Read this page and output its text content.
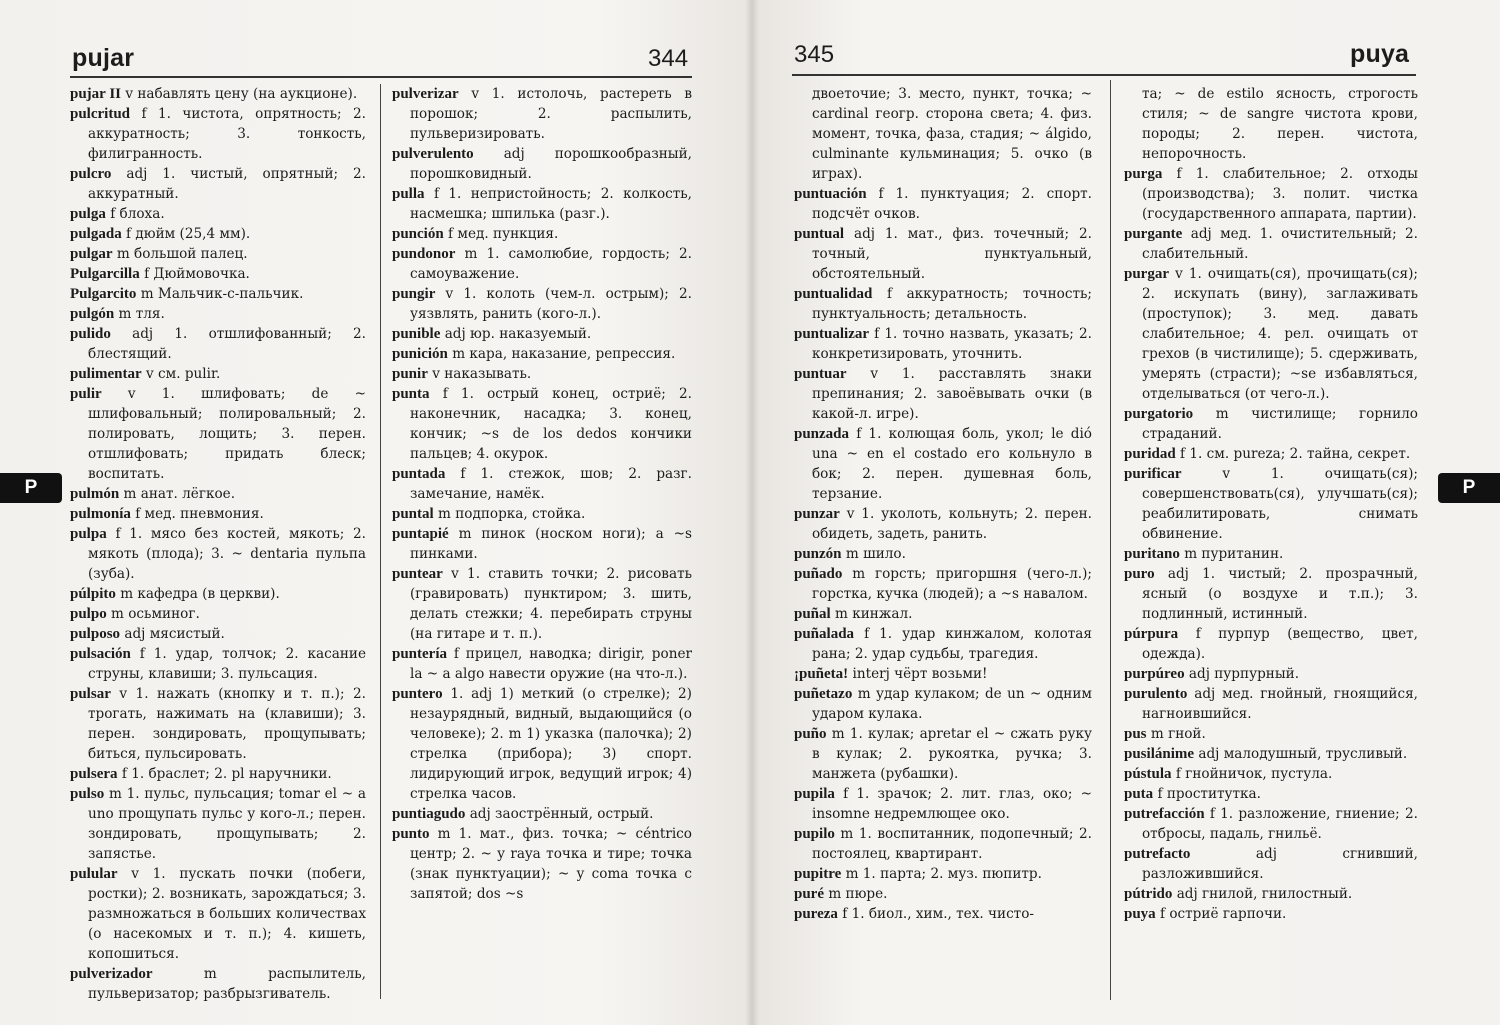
pujar	344
pujar II v набавлять цену (на аукционе).
pulcritud f 1. чистота, опрятность; 2. аккуратность; 3. тонкость, филигранность.
pulcro adj 1. чистый, опрятный; 2. аккуратный.
pulga f блоха.
pulgada f дюйм (25,4 мм).
pulgar m большой палец.
Pulgarcilla f Дюймовочка.
Pulgarcito m Мальчик-с-пальчик.
pulgón m тля.
pulido adj 1. отшлифованный; 2. блестящий.
pulimentar v см. pulir.
pulir v 1. шлифовать; de ~ шлифовальный; полировальный; 2. полировать, лощить; 3. перен. отшлифовать; придать блеск; воспитать.
pulmón m анат. лёгкое.
pulmonía f мед. пневмония.
pulpa f 1. мясо без костей, мякоть; 2. мякоть (плода); 3. ~ dentaria пульпа (зуба).
púlpito m кафедра (в церкви).
pulpo m осьминог.
pulposo adj мясистый.
pulsación f 1. удар, толчок; 2. касание струны, клавиши; 3. пульсация.
pulsar v 1. нажать (кнопку и т. п.); 2. трогать, нажимать на (клавиши); 3. перен. зондировать, прощупывать; биться, пульсировать.
pulsera f 1. браслет; 2. pl наручники.
pulso m 1. пульс, пульсация; tomar el ~ a uno прощупать пульс у кого-л.; перен. зондировать, прощупывать; 2. запястье.
pulular v 1. пускать почки (побеги, ростки); 2. возникать, зарождаться; 3. размножаться в больших количествах (о насекомых и т. п.); 4. кишеть, копошиться.
pulverizador	m распылитель, пульверизатор; разбрызгиватель.
pulverizar v 1. истолочь, растереть в порошок; 2. распылить, пульверизировать.
pulverulento adj порошкообразный, порошковидный.
pulla f 1. непристойность; 2. колкость, насмешка; шпилька (разг.).
punción f мед. пункция.
pundonor m 1. самолюбие, гордость; 2. самоуважение.
pungir v 1. колоть (чем-л. острым); 2. уязвлять, ранить (кого-л.).
punible adj юр. наказуемый.
punición m кара, наказание, репрессия.
punir v наказывать.
punta f 1. острый конец, остриё; 2. наконечник, насадка; 3. конец, кончик; ~s de los dedos кончики пальцев; 4. окурок.
puntada f 1. стежок, шов; 2. разг. замечание, намёк.
puntal m подпорка, стойка.
puntapié m пинок (носком ноги); a ~s пинками.
puntear v 1. ставить точки; 2. рисовать (гравировать) пунктиром; 3. шить, делать стежки; 4. перебирать струны (на гитаре и т. п.).
puntería f прицел, наводка; dirigir, poner la ~ a algo навести оружие (на что-л.).
puntero 1. adj 1) меткий (о стрелке); 2) незаурядный, видный, выдающийся (о человеке); 2. m 1) указка (палочка); 2) стрелка (прибора); 3) спорт. лидирующий игрок, ведущий игрок; 4) стрелка часов.
puntiagudo adj заострённый, острый.
punto m 1. мат., физ. точка; ~ céntrico центр; 2. ~ y raya точка и тире; точка (знак пунктуации); ~ y coma точка с запятой; dos ~s
P
345	puya
двоеточие; 3. место, пункт, точка; ~ cardinal геогр. сторона света; 4. физ. момент, точка, фаза, стадия; ~ álgido, culminante кульминация; 5. очко (в играх).
puntuación f 1. пунктуация; 2. спорт. подсчёт очков.
puntual adj 1. мат., физ. точечный; 2. точный, пунктуальный, обстоятельный.
puntualidad f аккуратность; точность; пунктуальность; детальность.
puntualizar f 1. точно назвать, указать; 2. конкретизировать, уточнить.
puntuar v 1. расставлять знаки препинания; 2. завоёвывать очки (в какой-л. игре).
punzada f 1. колющая боль, укол; le dió una ~ en el costado его кольнуло в бок; 2. перен. душевная боль, терзание.
punzar v 1. уколоть, кольнуть; 2. перен. обидеть, задеть, ранить.
punzón m шило.
puñado m горсть; пригоршня (чего-л.); горстка, кучка (людей); a ~s навалом.
puñal m кинжал.
puñalada f 1. удар кинжалом, колотая рана; 2. удар судьбы, трагедия.
¡puñeta! interj чёрт возьми!
puñetazo m удар кулаком; de un ~ одним ударом кулака.
puño m 1. кулак; apretar el ~ сжать руку в кулак; 2. рукоятка, ручка; 3. манжета (рубашки).
pupila f 1. зрачок; 2. лит. глаз, око; ~ insomne недремлющее око.
pupilo m 1. воспитанник, подопечный; 2. постоялец, квартирант.
pupitre m 1. парта; 2. муз. пюпитр.
puré m пюре.
pureza f 1. биол., хим., тех. чисто-
та; ~ de estilo ясность, строгость стиля; ~ de sangre чистота крови, породы; 2. перен. чистота, непорочность.
purga f 1. слабительное; 2. отходы (производства); 3. полит. чистка (государственного аппарата, партии).
purgante adj мед. 1. очистительный; 2. слабительный.
purgar v 1. очищать(ся), прочищать(ся); 2. искупать (вину), заглаживать (проступок); 3. мед. давать слабительное; 4. рел. очищать от грехов (в чистилище); 5. сдерживать, умерять (страсти); ~se избавляться, отделываться (от чего-л.).
purgatorio m чистилище; горнило страданий.
puridad f 1. см. pureza; 2. тайна, секрет.
purificar	v 1. очищать(ся); совершенствовать(ся), улучшать(ся); реабилитировать, снимать обвинение.
puritano m пуританин.
puro adj 1. чистый; 2. прозрачный, ясный (о воздухе и т.п.); 3. подлинный, истинный.
púrpura f пурпур (вещество, цвет, одежда).
purpúreo adj пурпурный.
purulento adj мед. гнойный, гноящийся, нагноившийся.
pus m гной.
pusilánime adj малодушный, трусливый.
pústula f гнойничок, пустула.
puta f проститутка.
putrefacción f 1. разложение, гниение; 2. отбросы, падаль, гнильё.
putrefacto	adj сгнивший, разложившийся.
pútrido adj гнилой, гнилостный.
puya f остриё гарпочи.
P
